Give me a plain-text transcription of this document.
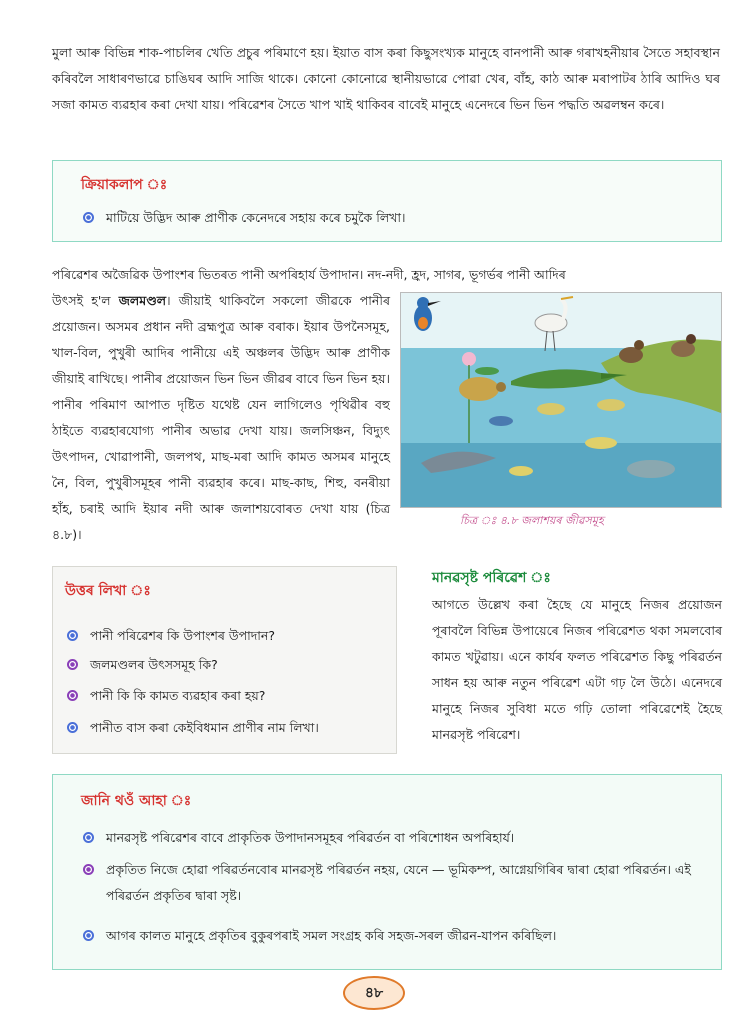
মুলা আৰু বিভিন্ন শাক-পাচলিৰ খেতি প্ৰচুৰ পৰিমাণে হয়। ইয়াত বাস কৰা কিছুসংখ্যক মানুহে বানপানী আৰু গৰাখহনীয়াৰ সৈতে সহাবস্থান কৰিবলৈ সাধাৰণভাৱে চাঙিঘৰ আদি সাজি থাকে। কোনো কোনোৱে স্থানীয়ভাৱে পোৱা খেৰ, বাঁহ, কাঠ আৰু মৰাপাটৰ ঠাৰি আদিও ঘৰ সজা কামত ব্যৱহাৰ কৰা দেখা যায়। পৰিৱেশৰ সৈতে খাপ খাই থাকিবৰ বাবেই মানুহে এনেদৰে ভিন ভিন পদ্ধতি অৱলম্বন কৰে।

ক্ৰিয়াকলাপ ঃ
মাটিয়ে উদ্ভিদ আৰু প্ৰাণীক কেনেদৰে সহায় কৰে চমুকৈ লিখা।

পৰিৱেশৰ অজৈৱিক উপাংশৰ ভিতৰত পানী অপৰিহাৰ্য উপাদান। নদ-নদী, হ্ৰদ, সাগৰ, ভূগৰ্ভৰ পানী আদিৰ

উৎসই হ'ল জলমণ্ডল। জীয়াই থাকিবলৈ সকলো জীৱকে পানীৰ প্ৰয়োজন। অসমৰ প্ৰধান নদী ব্ৰহ্মপুত্ৰ আৰু বৰাক। ইয়াৰ উপনৈসমূহ, খাল-বিল, পুখুৰী আদিৰ পানীয়ে এই অঞ্চলৰ উদ্ভিদ আৰু প্ৰাণীক জীয়াই ৰাখিছে। পানীৰ প্ৰয়োজন ভিন ভিন জীৱৰ বাবে ভিন ভিন হয়। পানীৰ পৰিমাণ আপাত দৃষ্টিত যথেষ্ট যেন লাগিলেও পৃথিৱীৰ বহু ঠাইতে ব্যৱহাৰযোগ্য পানীৰ অভাৱ দেখা যায়। জলসিঞ্চন, বিদ্যুৎ উৎপাদন, খোৱাপানী, জলপথ, মাছ-মৰা আদি কামত অসমৰ মানুহে নৈ, বিল, পুখুৰীসমূহৰ পানী ব্যৱহাৰ কৰে। মাছ-কাছ, শিহু, বনৰীয়া হাঁহ, চৰাই আদি ইয়াৰ নদী আৰু জলাশয়বোৰত দেখা যায় (চিত্ৰ ৪.৮)।

চিত্ৰ ঃ ৪.৮ জলাশয়ৰ জীৱসমূহ
উত্তৰ লিখা ঃ
পানী পৰিৱেশৰ কি উপাংশৰ উপাদান?
জলমণ্ডলৰ উৎসসমূহ কি?
পানী কি কি কামত ব্যৱহাৰ কৰা হয়?
পানীত বাস কৰা কেইবিধমান প্ৰাণীৰ নাম লিখা।
মানৱসৃষ্ট পৰিৱেশ ঃ

আগতে উল্লেখ কৰা হৈছে যে মানুহে নিজৰ প্ৰয়োজন পূৰাবলৈ বিভিন্ন উপায়েৰে নিজৰ পৰিৱেশত থকা সমলবোৰ কামত খটুৱায়। এনে কাৰ্যৰ ফলত পৰিৱেশত কিছু পৰিৱৰ্তন সাধন হয় আৰু নতুন পৰিৱেশ এটা গঢ় লৈ উঠে। এনেদৰে মানুহে নিজৰ সুবিধা মতে গঢ়ি তোলা পৰিৱেশেই হৈছে মানৱসৃষ্ট পৰিৱেশ।

জানি থওঁ আহা ঃ
মানৱসৃষ্ট পৰিৱেশৰ বাবে প্ৰাকৃতিক উপাদানসমূহৰ পৰিৱৰ্তন বা পৰিশোধন অপৰিহাৰ্য।
প্ৰকৃতিত নিজে হোৱা পৰিৱৰ্তনবোৰ মানৱসৃষ্ট পৰিৱৰ্তন নহয়, যেনে — ভূমিকম্প, আগ্নেয়গিৰিৰ দ্বাৰা হোৱা পৰিৱৰ্তন। এই পৰিৱৰ্তন প্ৰকৃতিৰ দ্বাৰা সৃষ্ট।
আগৰ কালত মানুহে প্ৰকৃতিৰ বুকুৰপৰাই সমল সংগ্ৰহ কৰি সহজ-সৰল জীৱন-যাপন কৰিছিল।
৪৮
